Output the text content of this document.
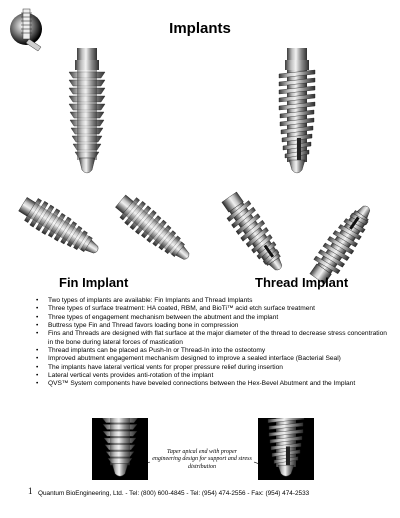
Implants
Fin Implant	Thread Implant
• Two types of implants are available: Fin Implants and Thread Implants
• Three types of surface treatment: HA coated, RBM, and BioTi™ acid etch surface treatment
• Three types of engagement mechanism between the abutment and the implant
• Buttress type Fin and Thread favors loading bone in compression
• Fins and Threads are designed with flat surface at the major diameter of the thread to decrease stress concentration in the bone during lateral forces of mastication
• Thread implants can be placed as Push-In or Thread-In into the osteotomy
• Improved abutment engagement mechanism designed to improve a sealed interface (Bacterial Seal)
• The implants have lateral vertical vents for proper pressure relief during insertion
• Lateral vertical vents provides anti-rotation of the implant
• QVS™ System components have beveled connections between the Hex-Bevel Abutment and the Implant
Taper apical end with proper engineering design for support and stress distribution
1 Quantum BioEngineering, Ltd. - Tel: (800) 600-4845 - Tel: (954) 474-2556 - Fax: (954) 474-2533
